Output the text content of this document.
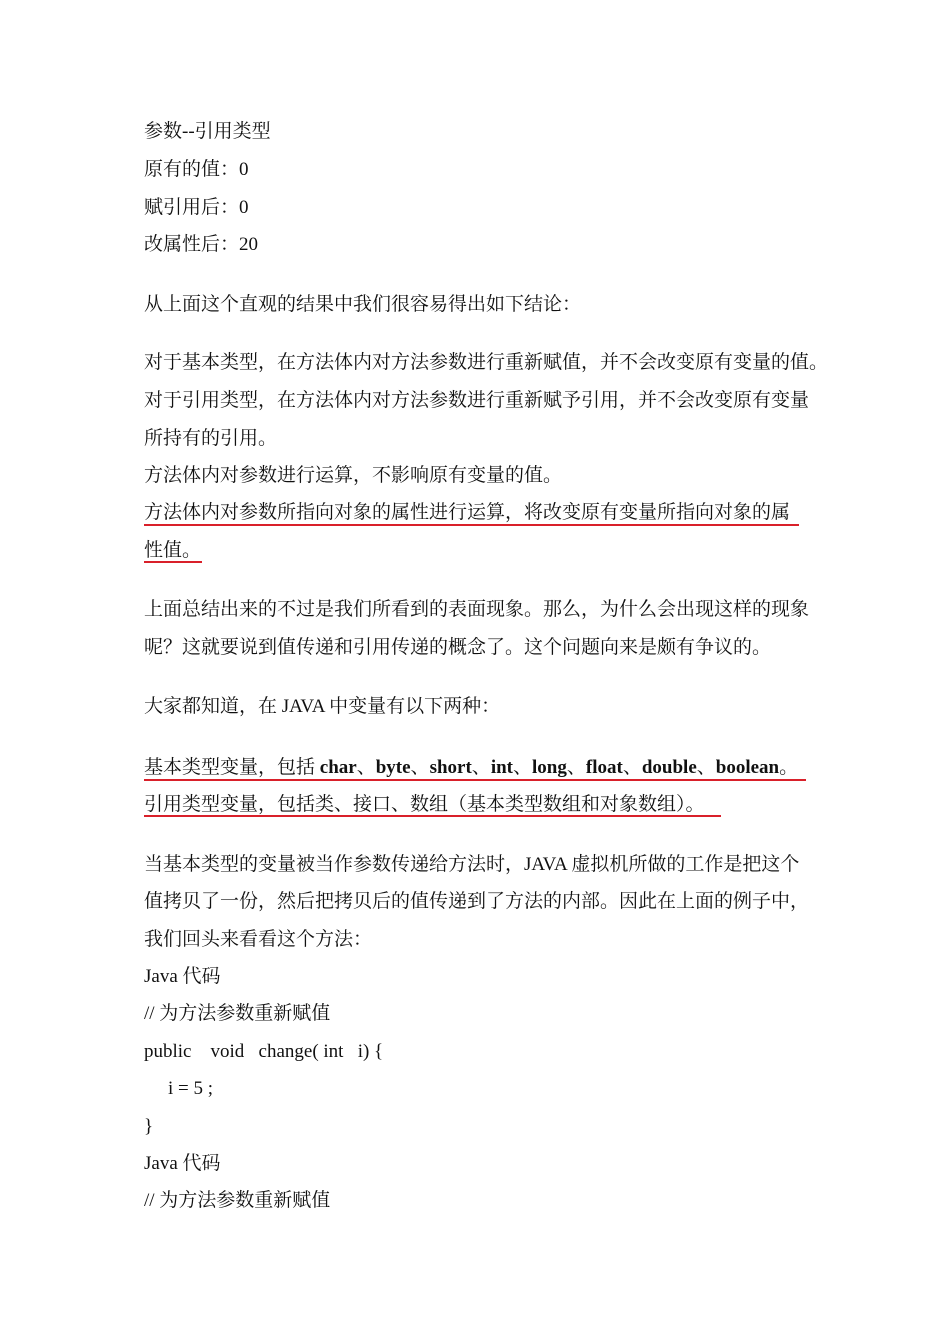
参数--引用类型
原有的值：0
赋引用后：0
改属性后：20
从上面这个直观的结果中我们很容易得出如下结论：
对于基本类型，在方法体内对方法参数进行重新赋值，并不会改变原有变量的值。
对于引用类型，在方法体内对方法参数进行重新赋予引用，并不会改变原有变量
所持有的引用。
方法体内对参数进行运算，不影响原有变量的值。
方法体内对参数所指向对象的属性进行运算，将改变原有变量所指向对象的属
性值。
上面总结出来的不过是我们所看到的表面现象。那么，为什么会出现这样的现象
呢？这就要说到值传递和引用传递的概念了。这个问题向来是颇有争议的。
大家都知道，在 JAVA 中变量有以下两种：
基本类型变量，包括 char、byte、short、int、long、float、double、boolean。
引用类型变量，包括类、接口、数组（基本类型数组和对象数组）。
当基本类型的变量被当作参数传递给方法时，JAVA 虚拟机所做的工作是把这个
值拷贝了一份，然后把拷贝后的值传递到了方法的内部。因此在上面的例子中，
我们回头来看看这个方法：
Java 代码
// 为方法参数重新赋值
public    void   change( int   i) {
i = 5 ;
}
Java 代码
// 为方法参数重新赋值
